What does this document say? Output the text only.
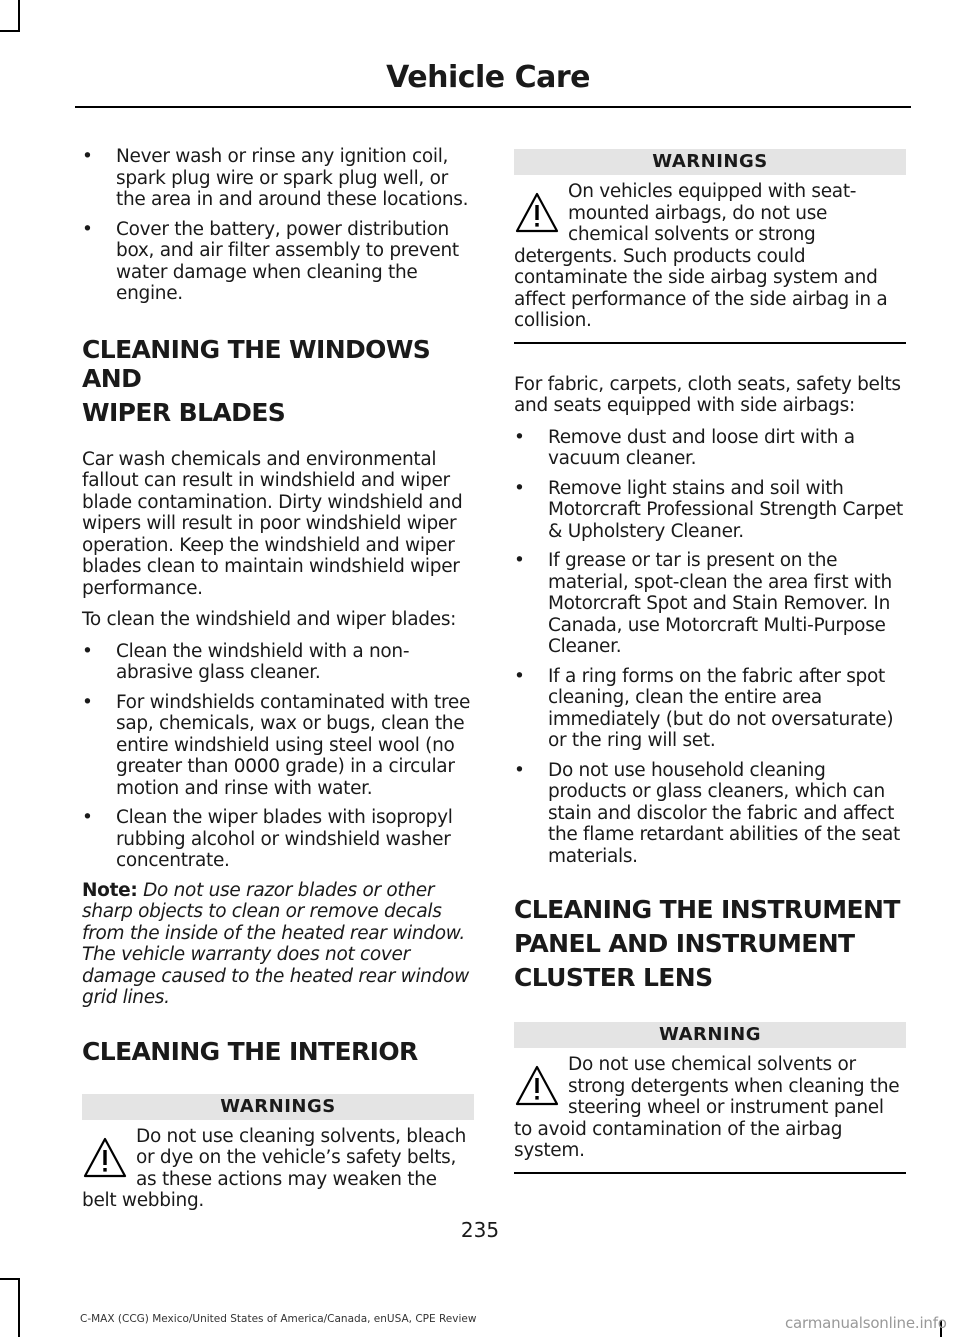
Vehicle Care
•	Never wash or rinse any ignition coil, spark plug wire or spark plug well, or the area in and around these locations.
•	Cover the battery, power distribution box, and air filter assembly to prevent water damage when cleaning the engine.
CLEANING THE WINDOWS AND
WIPER BLADES

Car wash chemicals and environmental fallout can result in windshield and wiper blade contamination. Dirty windshield and wipers will result in poor windshield wiper operation. Keep the windshield and wiper blades clean to maintain windshield wiper performance.

To clean the windshield and wiper blades:

•	Clean the windshield with a non-abrasive glass cleaner.
•	For windshields contaminated with tree sap, chemicals, wax or bugs, clean the entire windshield using steel wool (no greater than 0000 grade) in a circular motion and rinse with water.
•	Clean the wiper blades with isopropyl rubbing alcohol or windshield washer concentrate.

Note: Do not use razor blades or other sharp objects to clean or remove decals from the inside of the heated rear window. The vehicle warranty does not cover damage caused to the heated rear window grid lines.

CLEANING THE INTERIOR
WARNINGS
Do not use cleaning solvents, bleach or dye on the vehicle’s safety belts, as these actions may weaken the belt webbing.
WARNINGS
On vehicles equipped with seat-mounted airbags, do not use chemical solvents or strong detergents. Such products could contaminate the side airbag system and affect performance of the side airbag in a collision.

For fabric, carpets, cloth seats, safety belts and seats equipped with side airbags:

•	Remove dust and loose dirt with a vacuum cleaner.
•	Remove light stains and soil with Motorcraft Professional Strength Carpet & Upholstery Cleaner.
•	If grease or tar is present on the material, spot-clean the area first with Motorcraft Spot and Stain Remover. In Canada, use Motorcraft Multi-Purpose Cleaner.
•	If a ring forms on the fabric after spot cleaning, clean the entire area immediately (but do not oversaturate) or the ring will set.
•	Do not use household cleaning products or glass cleaners, which can stain and discolor the fabric and affect the flame retardant abilities of the seat materials.
CLEANING THE INSTRUMENT
PANEL AND INSTRUMENT
CLUSTER LENS
WARNING
Do not use chemical solvents or strong detergents when cleaning the steering wheel or instrument panel to avoid contamination of the airbag system.
235
C-MAX (CCG) Mexico/United States of America/Canada, enUSA, CPE Review	carmanualsonline.info
